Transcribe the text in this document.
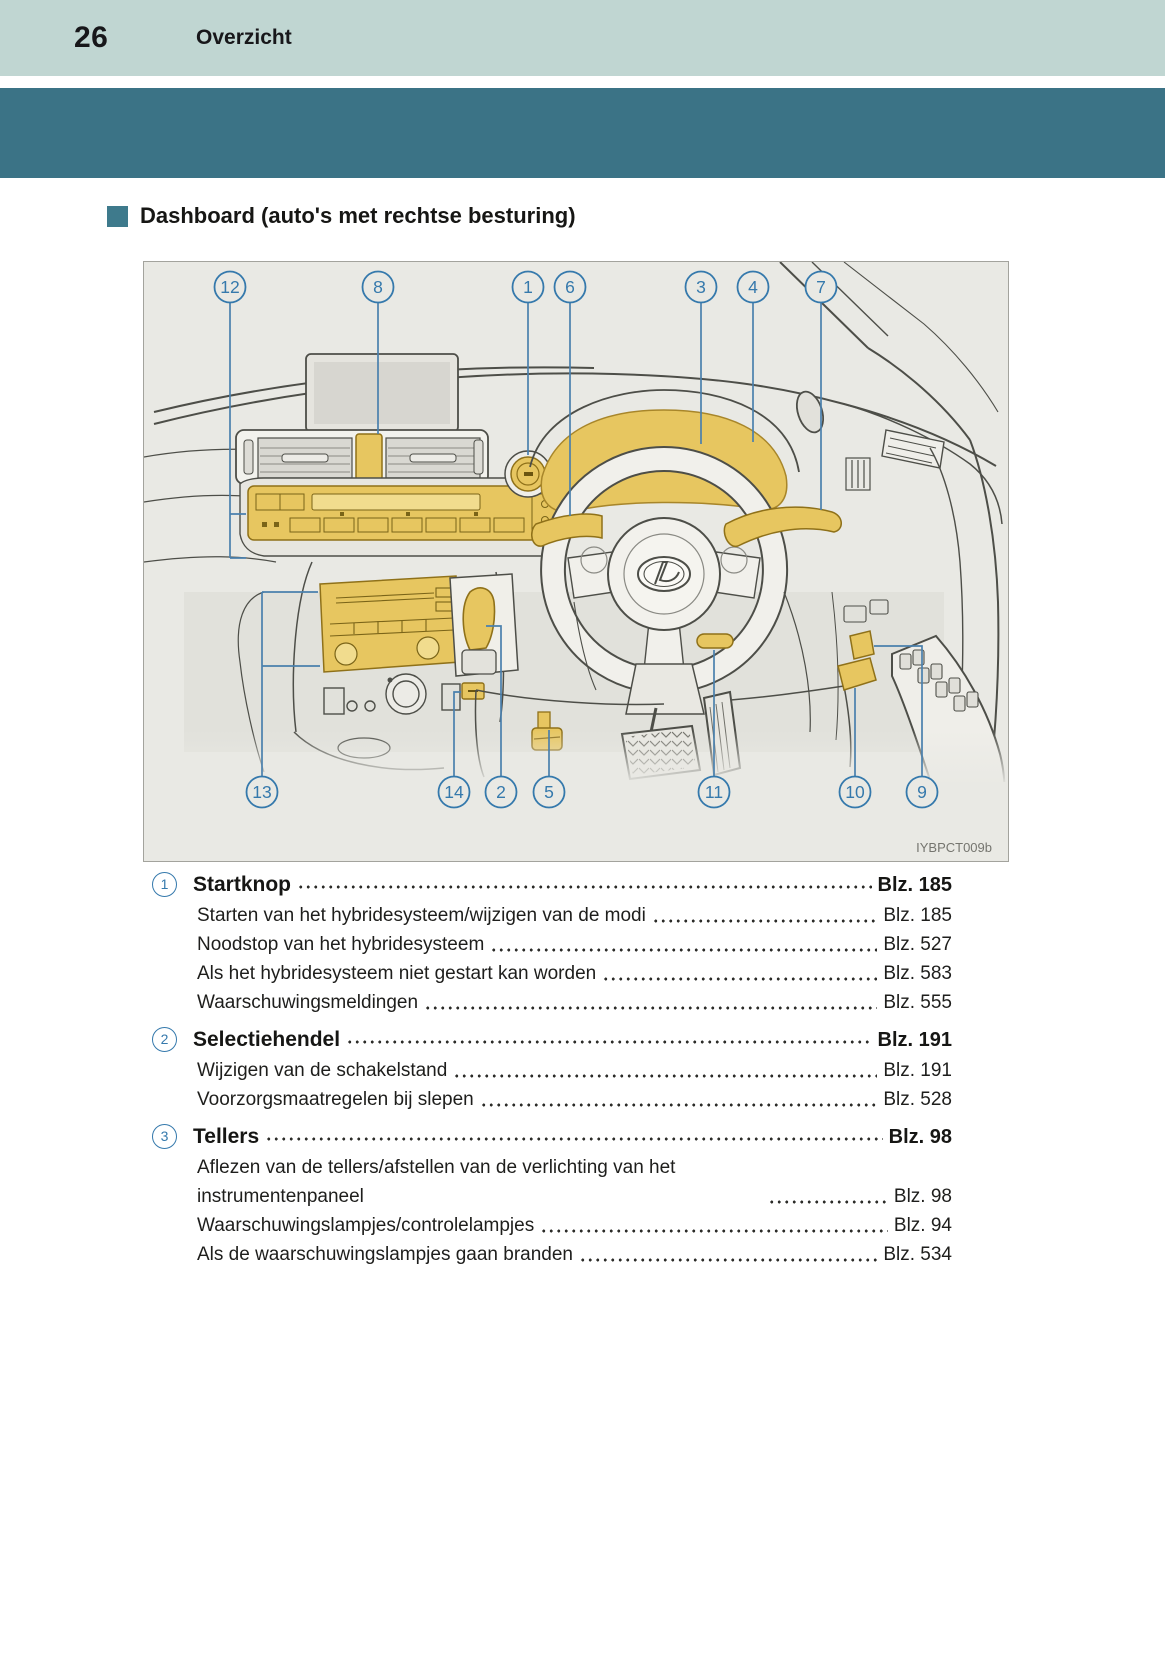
26	Overzicht
Dashboard (auto's met rechtse besturing)
12	8	1 6	3 4	7
13	14 2 5	11	10	9
IYBPCT009b
1	Startknop	Blz. 185
Starten van het hybridesysteem/wijzigen van de modi	Blz. 185
Noodstop van het hybridesysteem	Blz. 527
Als het hybridesysteem niet gestart kan worden	Blz. 583
Waarschuwingsmeldingen	Blz. 555
2	Selectiehendel	Blz. 191
Wijzigen van de schakelstand	Blz. 191
Voorzorgsmaatregelen bij slepen	Blz. 528
3	Tellers	Blz. 98
Aflezen van de tellers/afstellen van de verlichting van het instrumentenpaneel	Blz. 98
Waarschuwingslampjes/controlelampjes	Blz. 94
Als de waarschuwingslampjes gaan branden	Blz. 534
